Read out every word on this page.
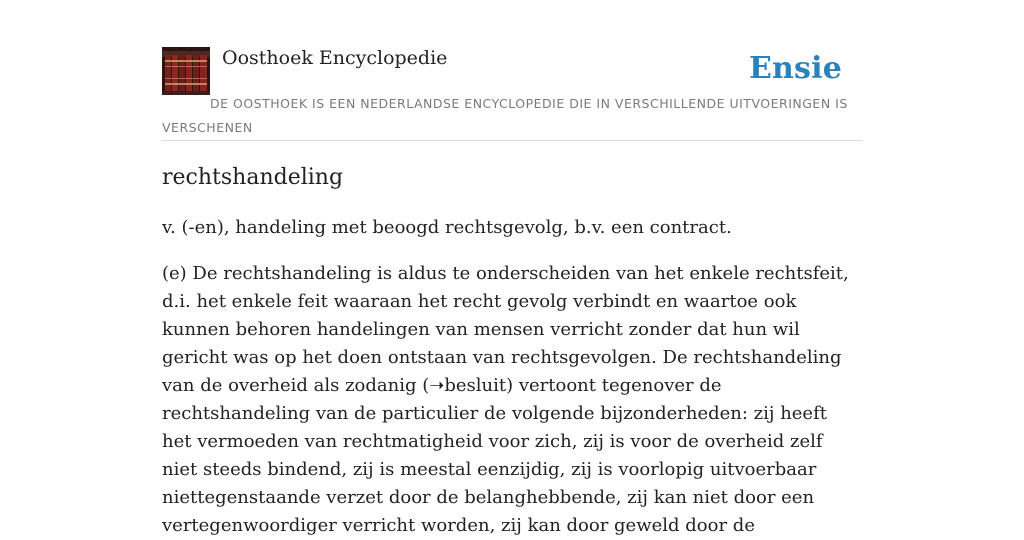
Oosthoek Encyclopedie	Ensie
DE OOSTHOEK IS EEN NEDERLANDSE ENCYCLOPEDIE DIE IN VERSCHILLENDE UITVOERINGEN IS VERSCHENEN
rechtshandeling

v. (-en), handeling met beoogd rechtsgevolg, b.v. een contract.

(e) De rechtshandeling is aldus te onderscheiden van het enkele rechtsfeit, d.i. het enkele feit waaraan het recht gevolg verbindt en waartoe ook kunnen behoren handelingen van mensen verricht zonder dat hun wil gericht was op het doen ontstaan van rechtsgevolgen. De rechtshandeling van de overheid als zodanig (➝besluit) vertoont tegenover de rechtshandeling van de particulier de volgende bijzonderheden: zij heeft het vermoeden van rechtmatigheid voor zich, zij is voor de overheid zelf niet steeds bindend, zij is meestal eenzijdig, zij is voorlopig uitvoerbaar niettegenstaande verzet door de belanghebbende, zij kan niet door een vertegenwoordiger verricht worden, zij kan door geweld door de
